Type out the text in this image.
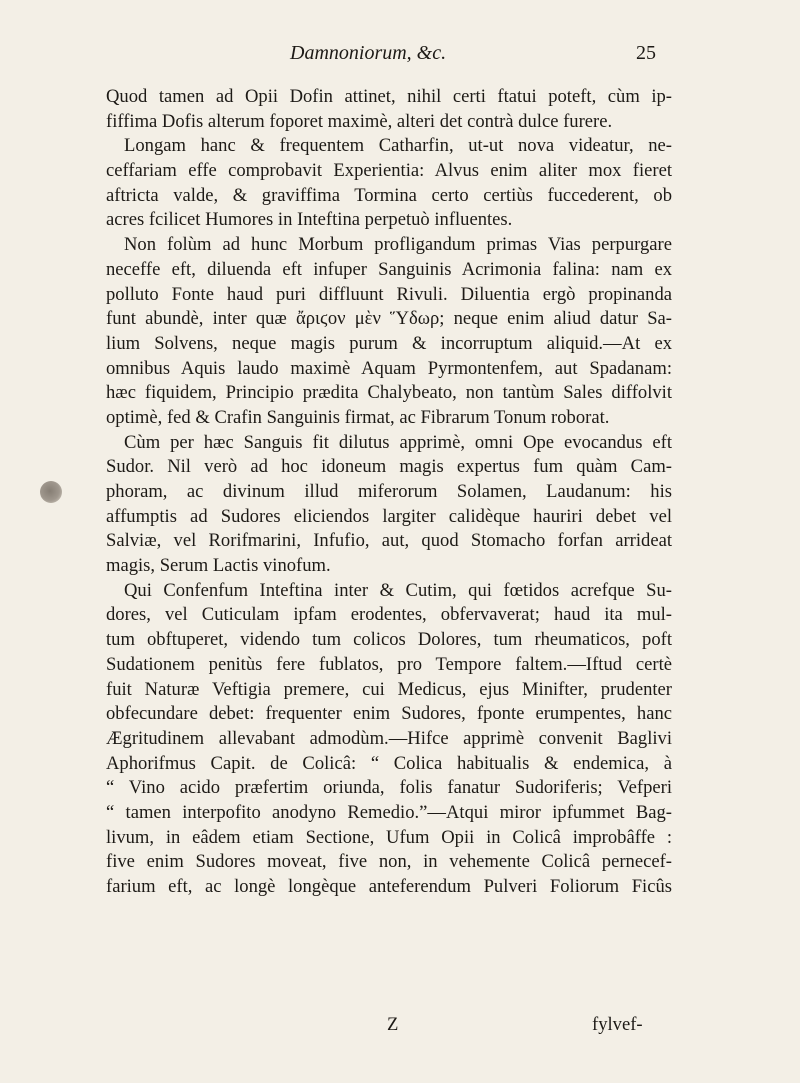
Damnoniorum, &c.	25
Quod tamen ad Opii Dofin attinet, nihil certi ftatui poteft, cùm ip-
fiffima Dofis alterum foporet maximè, alteri det contrà dulce furere.
Longam hanc & frequentem Catharfin, ut-ut nova videatur, ne-
ceffariam effe comprobavit Experientia: Alvus enim aliter mox fieret
aftricta valde, & graviffima Tormina certo certiùs fuccederent, ob
acres fcilicet Humores in Inteftina perpetuò influentes.
Non folùm ad hunc Morbum profligandum primas Vias perpurgare
neceffe eft, diluenda eft infuper Sanguinis Acrimonia falina: nam ex
polluto Fonte haud puri diffluunt Rivuli. Diluentia ergò propinanda
funt abundè, inter quæ ἄριϛον μὲν Ὕδωρ; neque enim aliud datur Sa-
lium Solvens, neque magis purum & incorruptum aliquid.—At ex
omnibus Aquis laudo maximè Aquam Pyrmontenfem, aut Spadanam:
hæc fiquidem, Principio prædita Chalybeato, non tantùm Sales diffolvit
optimè, fed & Crafin Sanguinis firmat, ac Fibrarum Tonum roborat.
Cùm per hæc Sanguis fit dilutus apprimè, omni Ope evocandus eft
Sudor. Nil verò ad hoc idoneum magis expertus fum quàm Cam-
phoram, ac divinum illud miferorum Solamen, Laudanum: his
affumptis ad Sudores eliciendos largiter calidèque hauriri debet vel
Salviæ, vel Rorifmarini, Infufio, aut, quod Stomacho forfan arrideat
magis, Serum Lactis vinofum.
Qui Confenfum Inteftina inter & Cutim, qui fœtidos acrefque Su-
dores, vel Cuticulam ipfam erodentes, obfervaverat; haud ita mul-
tum obftuperet, videndo tum colicos Dolores, tum rheumaticos, poft
Sudationem penitùs fere fublatos, pro Tempore faltem.—Iftud certè
fuit Naturæ Veftigia premere, cui Medicus, ejus Minifter, prudenter
obfecundare debet: frequenter enim Sudores, fponte erumpentes, hanc
Ægritudinem allevabant admodùm.—Hifce apprimè convenit Baglivi
Aphorifmus Capit. de Colicâ: “ Colica habitualis & endemica, à
“ Vino acido præfertim oriunda, folis fanatur Sudoriferis; Vefperi
“ tamen interpofito anodyno Remedio.”—Atqui miror ipfummet Bag-
livum, in eâdem etiam Sectione, Ufum Opii in Colicâ improbâffe :
five enim Sudores moveat, five non, in vehemente Colicâ pernecef-
farium eft, ac longè longèque anteferendum Pulveri Foliorum Ficûs
Z	fylvef-
